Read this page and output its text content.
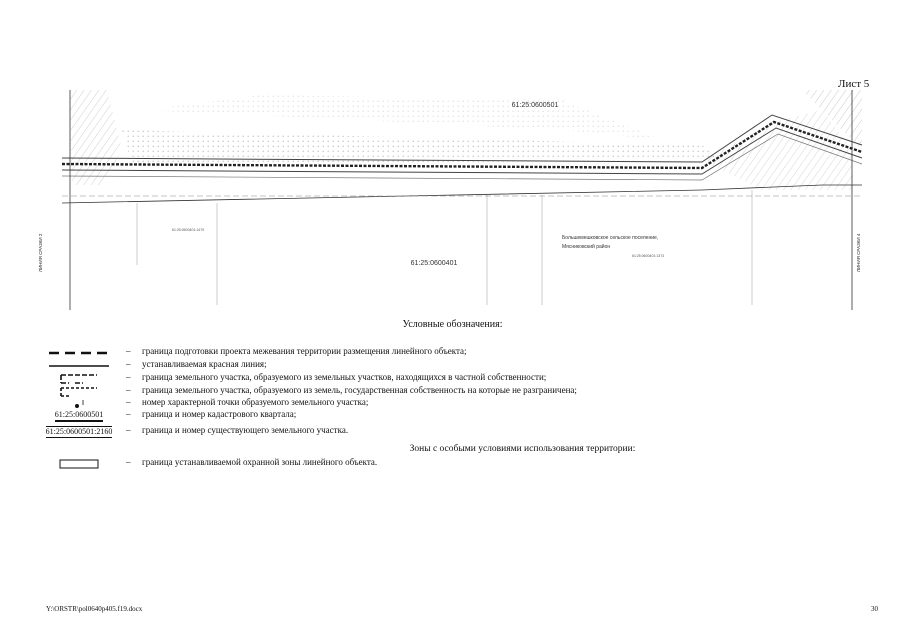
Лист 5
61:25:0600501
61:25:0600401
Большемешковское сельское поселение,
Мясниковский район
61:25:0600401:1479
61:25:0600401:1373
ЛИНИЯ СРАЗКИ 2	ЛИНИЯ СРАЗКИ 4
Условные обозначения:
– граница подготовки проекта межевания территории размещения линейного объекта;
– устанавливаемая красная линия;
– граница земельного участка, образуемого из земельных участков, находящихся в частной собственности;
– граница земельного участка, образуемого из земель, государственная собственность на которые не разграничена;
– номер характерной точки образуемого земельного участка;
61:25:0600501	– граница и номер кадастрового квартала;
61:25:0600501:2160 – граница и номер существующего земельного участка.
Зоны с особыми условиями использования территории:
– граница устанавливаемой охранной зоны линейного объекта.
Y:\ORSTR\pol0640p405.f19.docx	30
